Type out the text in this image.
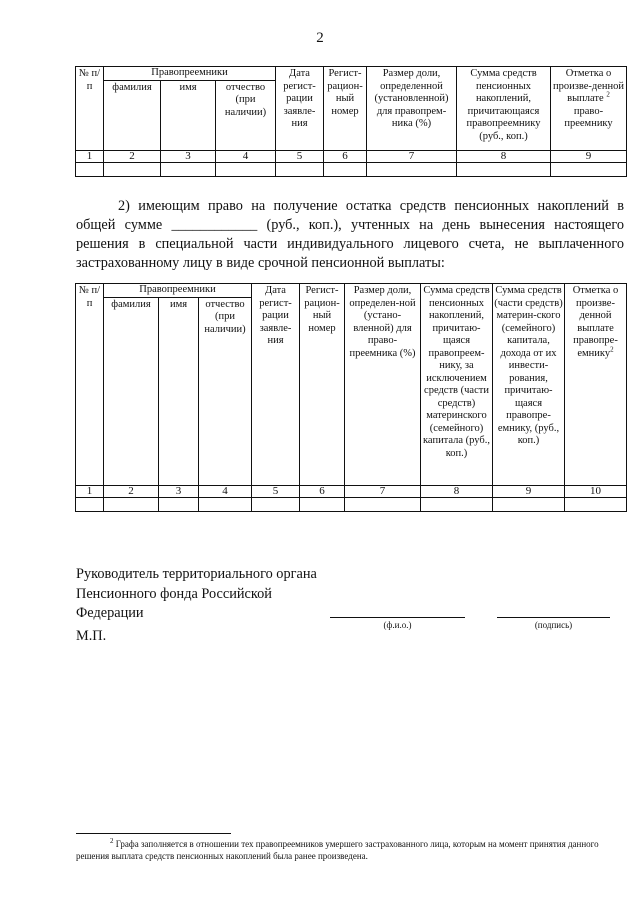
2
№ п/п	Правопреемники			Дата регист-рации заявле-ния	Регист-рацион-ный номер	Размер доли, определенной (установленной) для правопрем-ника (%)	Сумма средств пенсионных накоплений, причитающаяся правопреемнику (руб., коп.)	Отметка о произве-денной выплате $^2$ право-преемнику
	фамилия	имя	отчество (при наличии)					
1	2	3	4	5	6	7	8	9

2) имеющим право на получение остатка средств пенсионных накоплений в общей сумме ____________ (руб., коп.), учтенных на день вынесения настоящего решения в специальной части индивидуального лицевого счета, не выплаченного застрахованному лицу в виде срочной пенсионной выплаты:
№ п/п	Правопреемники			Дата регист-рации заявле-ния	Регист-рацион-ный номер	Размер доли, определен-ной (устано-вленной) для право-преемника (%)	Сумма средств пенсионных накоплений, причитаю-щаяся правопреем-нику, за исключением средств (части средств) материнского (семейного) капитала (руб., коп.)	Сумма средств (части средств) материн-ского (семейного) капитала, дохода от их инвести-рования, причитаю-щаяся правопре-емнику, (руб., коп.)	Отметка о произве-денной выплате правопре-емнику$^2$
	фамилия	имя	отчество (при наличии)						
1	2	3	4	5	6	7	8	9	10

Руководитель территориального органа
Пенсионного фонда Российской
Федерации
(ф.и.о.)	(подпись)
М.П.
$^2$ Графа заполняется в отношении тех правопреемников умершего застрахованного лица, которым на момент принятия данного решения выплата средств пенсионных накоплений была ранее произведена.
